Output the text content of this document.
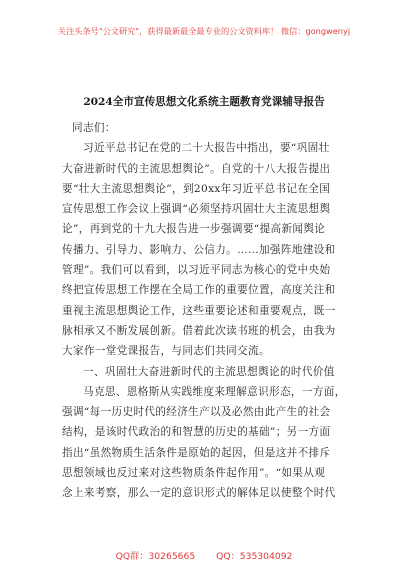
关注头条号"公文研究"，获得最新最全最专业的公文资料库！ 微信：gongwenyj
2024全市宣传思想文化系统主题教育党课辅导报告
同志们：
习近平总书记在党的二十大报告中指出，要“巩固壮
大奋进新时代的主流思想舆论”。自党的十八大报告提出
要“壮大主流思想舆论”，到20xx年习近平总书记在全国
宣传思想工作会议上强调“必须坚持巩固壮大主流思想舆
论”，再到党的十九大报告进一步强调要“提高新闻舆论
传播力、引导力、影响力、公信力。……加强阵地建设和
管理”。我们可以看到，以习近平同志为核心的党中央始
终把宣传思想工作摆在全局工作的重要位置，高度关注和
重视主流思想舆论工作，这些重要论述和重要观点，既一
脉相承又不断发展创新。借着此次读书班的机会，由我为
大家作一堂党课报告，与同志们共同交流。
一、巩固壮大奋进新时代的主流思想舆论的时代价值
马克思、恩格斯从实践维度来理解意识形态，一方面，
强调“每一历史时代的经济生产以及必然由此产生的社会
结构，是该时代政治的和智慧的历史的基础”；另一方面
指出“虽然物质生活条件是原始的起因，但是这并不排斥
思想领域也反过来对这些物质条件起作用”。“如果从观
念上来考察，那么一定的意识形式的解体足以使整个时代
QQ群：30265665 QQ：535304092
